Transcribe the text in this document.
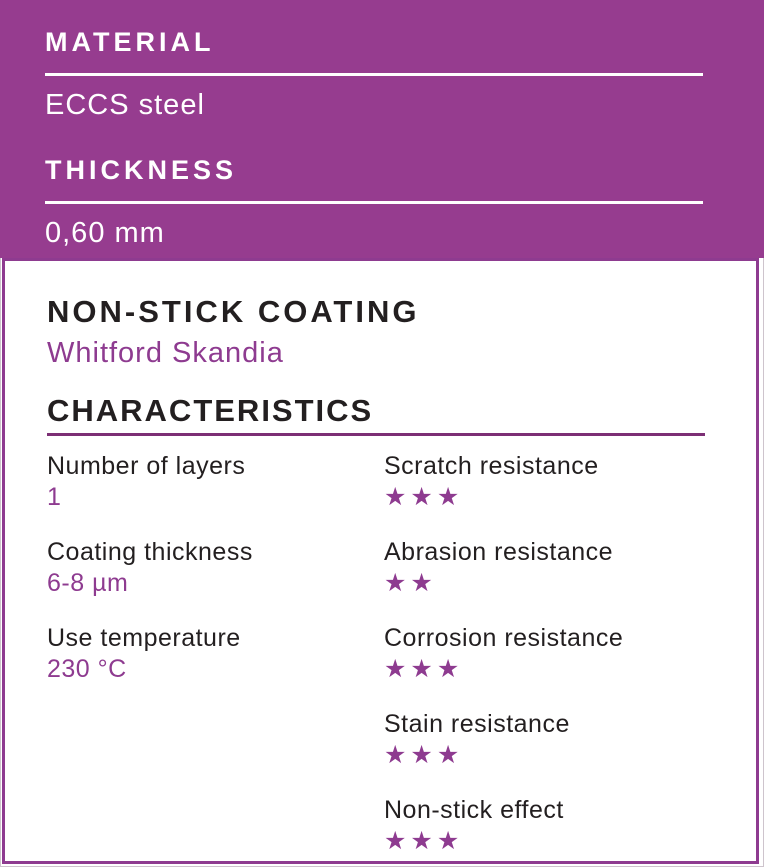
MATERIAL
ECCS steel
THICKNESS
0,60 mm
NON-STICK COATING
Whitford Skandia
CHARACTERISTICS
Number of layers
1
Coating thickness
6-8 µm
Use temperature
230 °C
Scratch resistance
★★★
Abrasion resistance
★★
Corrosion resistance
★★★
Stain resistance
★★★
Non-stick effect
★★★
